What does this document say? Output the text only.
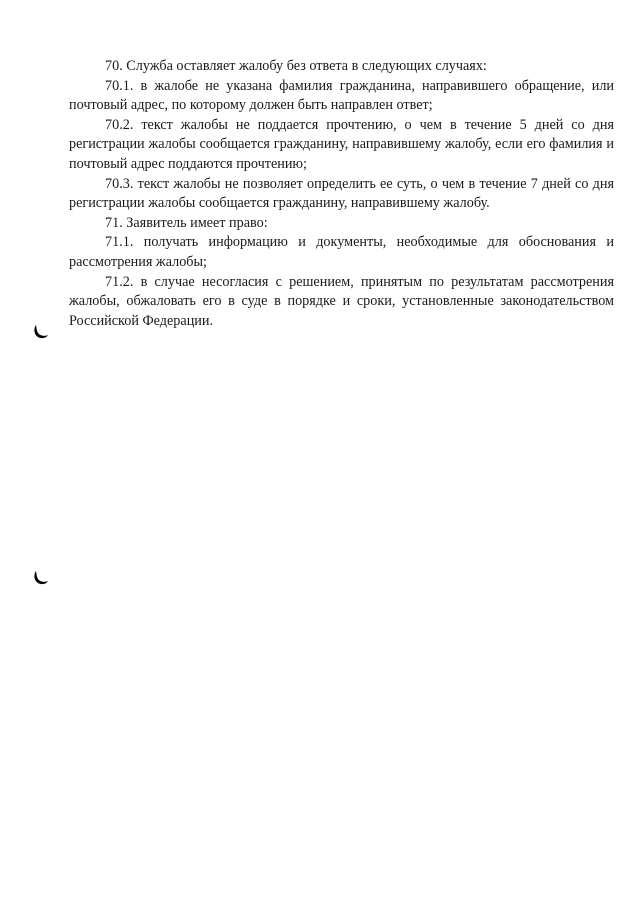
70. Служба оставляет жалобу без ответа в следующих случаях:

70.1. в жалобе не указана фамилия гражданина, направившего обращение, или почтовый адрес, по которому должен быть направлен ответ;

70.2. текст жалобы не поддается прочтению, о чем в течение 5 дней со дня регистрации жалобы сообщается гражданину, направившему жалобу, если его фамилия и почтовый адрес поддаются прочтению;

70.3. текст жалобы не позволяет определить ее суть, о чем в течение 7 дней со дня регистрации жалобы сообщается гражданину, направившему жалобу.

71. Заявитель имеет право:

71.1. получать информацию и документы, необходимые для обоснования и рассмотрения жалобы;

71.2. в случае несогласия с решением, принятым по результатам рассмотрения жалобы, обжаловать его в суде в порядке и сроки, установленные законодательством Российской Федерации.
